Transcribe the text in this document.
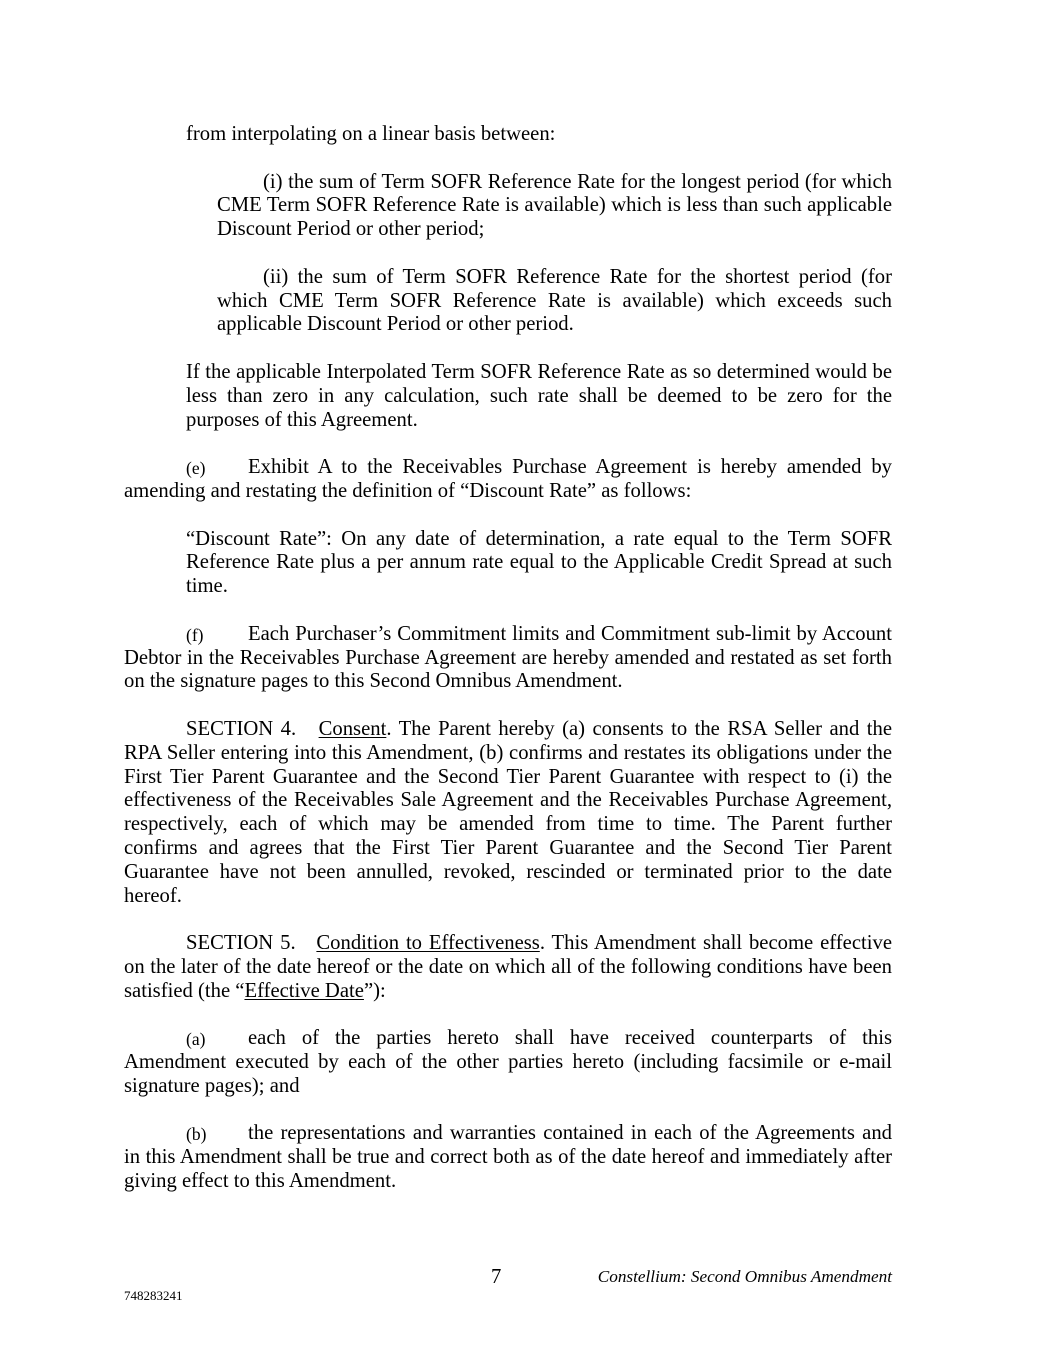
from interpolating on a linear basis between:
(i) the sum of Term SOFR Reference Rate for the longest period (for which
CME Term SOFR Reference Rate is available) which is less than such applicable
Discount Period or other period;
(ii) the sum of Term SOFR Reference Rate for the shortest period (for
which CME Term SOFR Reference Rate is available) which exceeds such
applicable Discount Period or other period.
If the applicable Interpolated Term SOFR Reference Rate as so determined would be
less than zero in any calculation, such rate shall be deemed to be zero for the
purposes of this Agreement.
(e) Exhibit A to the Receivables Purchase Agreement is hereby amended by
amending and restating the definition of “Discount Rate” as follows:
“Discount Rate”: On any date of determination, a rate equal to the Term SOFR
Reference Rate plus a per annum rate equal to the Applicable Credit Spread at such
time.
(f) Each Purchaser’s Commitment limits and Commitment sub-limit by Account
Debtor in the Receivables Purchase Agreement are hereby amended and restated as set forth
on the signature pages to this Second Omnibus Amendment.
SECTION 4. Consent. The Parent hereby (a) consents to the RSA Seller and the
RPA Seller entering into this Amendment, (b) confirms and restates its obligations under the
First Tier Parent Guarantee and the Second Tier Parent Guarantee with respect to (i) the
effectiveness of the Receivables Sale Agreement and the Receivables Purchase Agreement,
respectively, each of which may be amended from time to time. The Parent further
confirms and agrees that the First Tier Parent Guarantee and the Second Tier Parent
Guarantee have not been annulled, revoked, rescinded or terminated prior to the date
hereof.
SECTION 5. Condition to Effectiveness. This Amendment shall become effective
on the later of the date hereof or the date on which all of the following conditions have been
satisfied (the “Effective Date”):
(a) each of the parties hereto shall have received counterparts of this
Amendment executed by each of the other parties hereto (including facsimile or e-mail
signature pages); and
(b) the representations and warranties contained in each of the Agreements and
in this Amendment shall be true and correct both as of the date hereof and immediately after
giving effect to this Amendment.
7	Constellium: Second Omnibus Amendment
748283241
